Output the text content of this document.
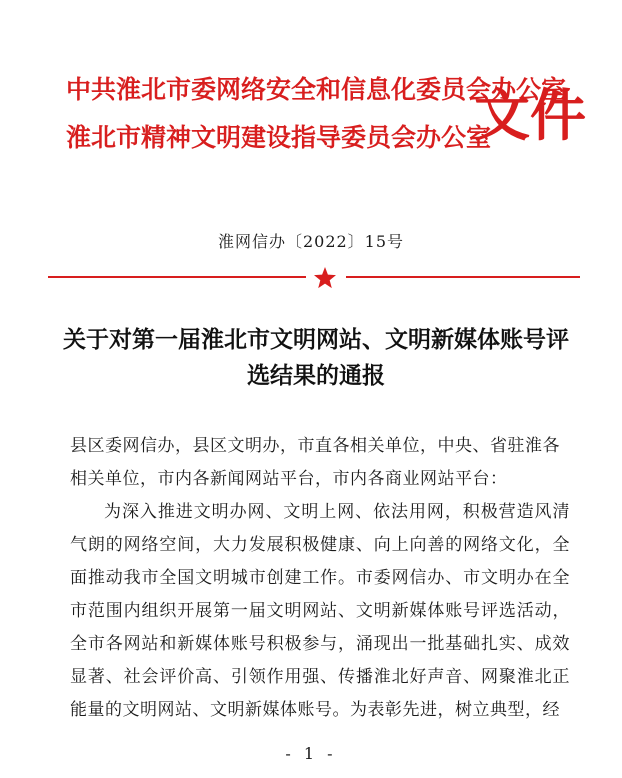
中共淮北市委网络安全和信息化委员会办公室
淮北市精神文明建设指导委员会办公室
文件
淮网信办〔2022〕15号
关于对第一届淮北市文明网站、文明新媒体账号评选结果的通报
县区委网信办，县区文明办，市直各相关单位，中央、省驻淮各相关单位，市内各新闻网站平台，市内各商业网站平台：
为深入推进文明办网、文明上网、依法用网，积极营造风清气朗的网络空间，大力发展积极健康、向上向善的网络文化，全面推动我市全国文明城市创建工作。市委网信办、市文明办在全市范围内组织开展第一届文明网站、文明新媒体账号评选活动，全市各网站和新媒体账号积极参与，涌现出一批基础扎实、成效显著、社会评价高、引领作用强、传播淮北好声音、网聚淮北正能量的文明网站、文明新媒体账号。为表彰先进，树立典型，经
- 1 -
